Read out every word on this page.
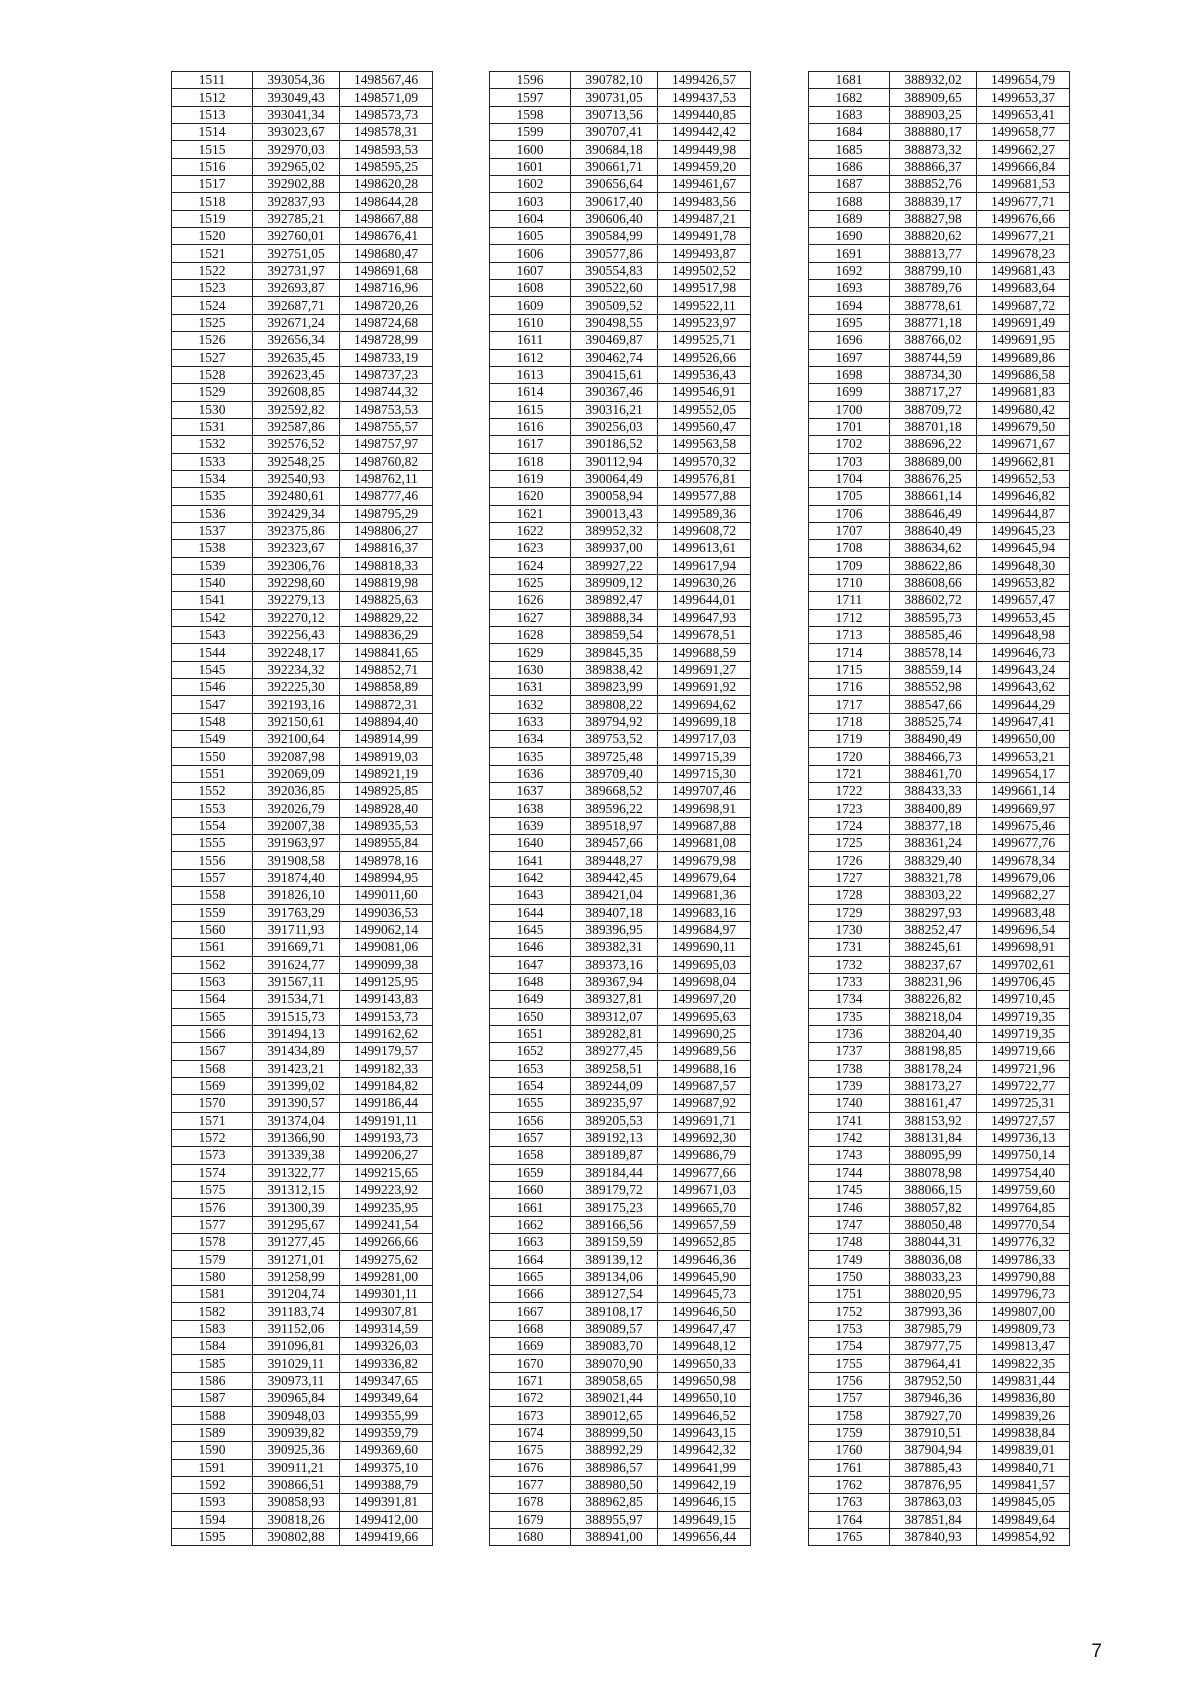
1511	393054,36	1498567,46
1512	393049,43	1498571,09
1513	393041,34	1498573,73
1514	393023,67	1498578,31
1515	392970,03	1498593,53
1516	392965,02	1498595,25
1517	392902,88	1498620,28
1518	392837,93	1498644,28
1519	392785,21	1498667,88
1520	392760,01	1498676,41
1521	392751,05	1498680,47
1522	392731,97	1498691,68
1523	392693,87	1498716,96
1524	392687,71	1498720,26
1525	392671,24	1498724,68
1526	392656,34	1498728,99
1527	392635,45	1498733,19
1528	392623,45	1498737,23
1529	392608,85	1498744,32
1530	392592,82	1498753,53
1531	392587,86	1498755,57
1532	392576,52	1498757,97
1533	392548,25	1498760,82
1534	392540,93	1498762,11
1535	392480,61	1498777,46
1536	392429,34	1498795,29
1537	392375,86	1498806,27
1538	392323,67	1498816,37
1539	392306,76	1498818,33
1540	392298,60	1498819,98
1541	392279,13	1498825,63
1542	392270,12	1498829,22
1543	392256,43	1498836,29
1544	392248,17	1498841,65
1545	392234,32	1498852,71
1546	392225,30	1498858,89
1547	392193,16	1498872,31
1548	392150,61	1498894,40
1549	392100,64	1498914,99
1550	392087,98	1498919,03
1551	392069,09	1498921,19
1552	392036,85	1498925,85
1553	392026,79	1498928,40
1554	392007,38	1498935,53
1555	391963,97	1498955,84
1556	391908,58	1498978,16
1557	391874,40	1498994,95
1558	391826,10	1499011,60
1559	391763,29	1499036,53
1560	391711,93	1499062,14
1561	391669,71	1499081,06
1562	391624,77	1499099,38
1563	391567,11	1499125,95
1564	391534,71	1499143,83
1565	391515,73	1499153,73
1566	391494,13	1499162,62
1567	391434,89	1499179,57
1568	391423,21	1499182,33
1569	391399,02	1499184,82
1570	391390,57	1499186,44
1571	391374,04	1499191,11
1572	391366,90	1499193,73
1573	391339,38	1499206,27
1574	391322,77	1499215,65
1575	391312,15	1499223,92
1576	391300,39	1499235,95
1577	391295,67	1499241,54
1578	391277,45	1499266,66
1579	391271,01	1499275,62
1580	391258,99	1499281,00
1581	391204,74	1499301,11
1582	391183,74	1499307,81
1583	391152,06	1499314,59
1584	391096,81	1499326,03
1585	391029,11	1499336,82
1586	390973,11	1499347,65
1587	390965,84	1499349,64
1588	390948,03	1499355,99
1589	390939,82	1499359,79
1590	390925,36	1499369,60
1591	390911,21	1499375,10
1592	390866,51	1499388,79
1593	390858,93	1499391,81
1594	390818,26	1499412,00
1595	390802,88	1499419,66
1596	390782,10	1499426,57
1597	390731,05	1499437,53
1598	390713,56	1499440,85
1599	390707,41	1499442,42
1600	390684,18	1499449,98
1601	390661,71	1499459,20
1602	390656,64	1499461,67
1603	390617,40	1499483,56
1604	390606,40	1499487,21
1605	390584,99	1499491,78
1606	390577,86	1499493,87
1607	390554,83	1499502,52
1608	390522,60	1499517,98
1609	390509,52	1499522,11
1610	390498,55	1499523,97
1611	390469,87	1499525,71
1612	390462,74	1499526,66
1613	390415,61	1499536,43
1614	390367,46	1499546,91
1615	390316,21	1499552,05
1616	390256,03	1499560,47
1617	390186,52	1499563,58
1618	390112,94	1499570,32
1619	390064,49	1499576,81
1620	390058,94	1499577,88
1621	390013,43	1499589,36
1622	389952,32	1499608,72
1623	389937,00	1499613,61
1624	389927,22	1499617,94
1625	389909,12	1499630,26
1626	389892,47	1499644,01
1627	389888,34	1499647,93
1628	389859,54	1499678,51
1629	389845,35	1499688,59
1630	389838,42	1499691,27
1631	389823,99	1499691,92
1632	389808,22	1499694,62
1633	389794,92	1499699,18
1634	389753,52	1499717,03
1635	389725,48	1499715,39
1636	389709,40	1499715,30
1637	389668,52	1499707,46
1638	389596,22	1499698,91
1639	389518,97	1499687,88
1640	389457,66	1499681,08
1641	389448,27	1499679,98
1642	389442,45	1499679,64
1643	389421,04	1499681,36
1644	389407,18	1499683,16
1645	389396,95	1499684,97
1646	389382,31	1499690,11
1647	389373,16	1499695,03
1648	389367,94	1499698,04
1649	389327,81	1499697,20
1650	389312,07	1499695,63
1651	389282,81	1499690,25
1652	389277,45	1499689,56
1653	389258,51	1499688,16
1654	389244,09	1499687,57
1655	389235,97	1499687,92
1656	389205,53	1499691,71
1657	389192,13	1499692,30
1658	389189,87	1499686,79
1659	389184,44	1499677,66
1660	389179,72	1499671,03
1661	389175,23	1499665,70
1662	389166,56	1499657,59
1663	389159,59	1499652,85
1664	389139,12	1499646,36
1665	389134,06	1499645,90
1666	389127,54	1499645,73
1667	389108,17	1499646,50
1668	389089,57	1499647,47
1669	389083,70	1499648,12
1670	389070,90	1499650,33
1671	389058,65	1499650,98
1672	389021,44	1499650,10
1673	389012,65	1499646,52
1674	388999,50	1499643,15
1675	388992,29	1499642,32
1676	388986,57	1499641,99
1677	388980,50	1499642,19
1678	388962,85	1499646,15
1679	388955,97	1499649,15
1680	388941,00	1499656,44
1681	388932,02	1499654,79
1682	388909,65	1499653,37
1683	388903,25	1499653,41
1684	388880,17	1499658,77
1685	388873,32	1499662,27
1686	388866,37	1499666,84
1687	388852,76	1499681,53
1688	388839,17	1499677,71
1689	388827,98	1499676,66
1690	388820,62	1499677,21
1691	388813,77	1499678,23
1692	388799,10	1499681,43
1693	388789,76	1499683,64
1694	388778,61	1499687,72
1695	388771,18	1499691,49
1696	388766,02	1499691,95
1697	388744,59	1499689,86
1698	388734,30	1499686,58
1699	388717,27	1499681,83
1700	388709,72	1499680,42
1701	388701,18	1499679,50
1702	388696,22	1499671,67
1703	388689,00	1499662,81
1704	388676,25	1499652,53
1705	388661,14	1499646,82
1706	388646,49	1499644,87
1707	388640,49	1499645,23
1708	388634,62	1499645,94
1709	388622,86	1499648,30
1710	388608,66	1499653,82
1711	388602,72	1499657,47
1712	388595,73	1499653,45
1713	388585,46	1499648,98
1714	388578,14	1499646,73
1715	388559,14	1499643,24
1716	388552,98	1499643,62
1717	388547,66	1499644,29
1718	388525,74	1499647,41
1719	388490,49	1499650,00
1720	388466,73	1499653,21
1721	388461,70	1499654,17
1722	388433,33	1499661,14
1723	388400,89	1499669,97
1724	388377,18	1499675,46
1725	388361,24	1499677,76
1726	388329,40	1499678,34
1727	388321,78	1499679,06
1728	388303,22	1499682,27
1729	388297,93	1499683,48
1730	388252,47	1499696,54
1731	388245,61	1499698,91
1732	388237,67	1499702,61
1733	388231,96	1499706,45
1734	388226,82	1499710,45
1735	388218,04	1499719,35
1736	388204,40	1499719,35
1737	388198,85	1499719,66
1738	388178,24	1499721,96
1739	388173,27	1499722,77
1740	388161,47	1499725,31
1741	388153,92	1499727,57
1742	388131,84	1499736,13
1743	388095,99	1499750,14
1744	388078,98	1499754,40
1745	388066,15	1499759,60
1746	388057,82	1499764,85
1747	388050,48	1499770,54
1748	388044,31	1499776,32
1749	388036,08	1499786,33
1750	388033,23	1499790,88
1751	388020,95	1499796,73
1752	387993,36	1499807,00
1753	387985,79	1499809,73
1754	387977,75	1499813,47
1755	387964,41	1499822,35
1756	387952,50	1499831,44
1757	387946,36	1499836,80
1758	387927,70	1499839,26
1759	387910,51	1499838,84
1760	387904,94	1499839,01
1761	387885,43	1499840,71
1762	387876,95	1499841,57
1763	387863,03	1499845,05
1764	387851,84	1499849,64
1765	387840,93	1499854,92
7
